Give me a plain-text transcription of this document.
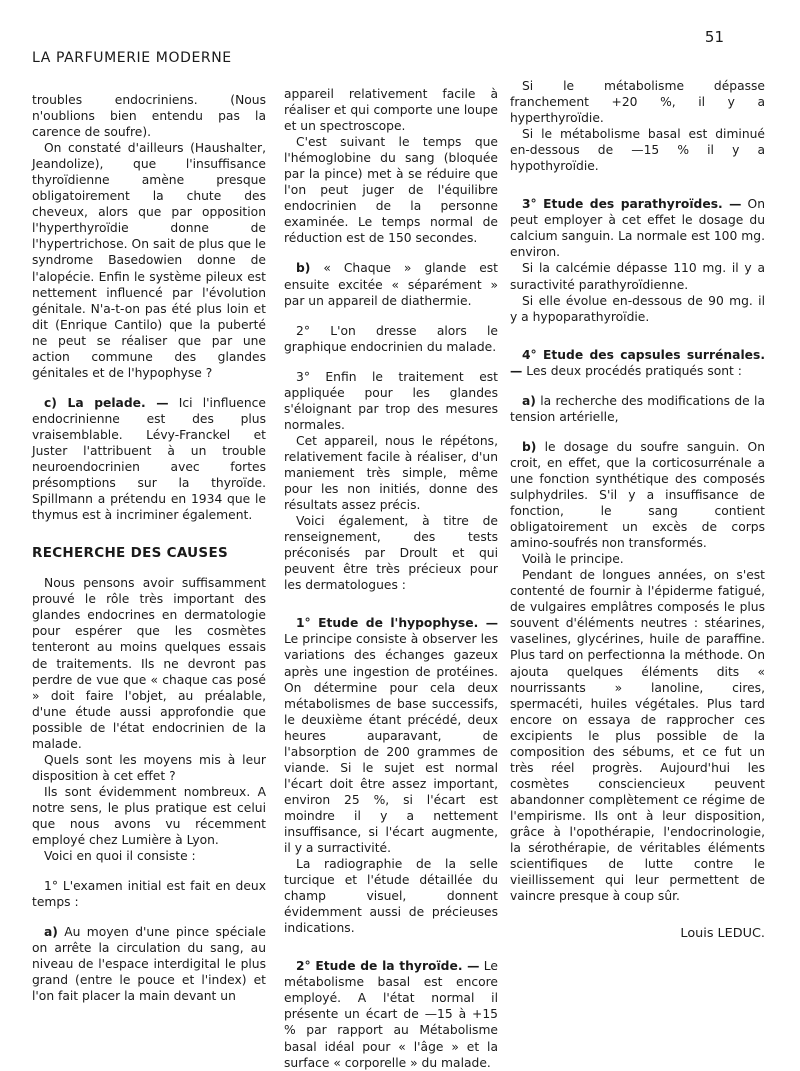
51
LA PARFUMERIE MODERNE

troubles endocriniens. (Nous n'oublions bien entendu pas la carence de soufre).

On constaté d'ailleurs (Haushalter, Jeandolize), que l'insuffisance thyroïdienne amène presque obligatoirement la chute des cheveux, alors que par opposition l'hyperthyroïdie donne de l'hypertrichose. On sait de plus que le syndrome Basedowien donne de l'alopécie. Enfin le système pileux est nettement influencé par l'évolution génitale. N'a-t-on pas été plus loin et dit (Enrique Cantilo) que la puberté ne peut se réaliser que par une action commune des glandes génitales et de l'hypophyse ?

c) La pelade. — Ici l'influence endocrinienne est des plus vraisemblable. Lévy-Franckel et Juster l'attribuent à un trouble neuroendocrinien avec fortes présomptions sur la thyroïde. Spillmann a prétendu en 1934 que le thymus est à incriminer également.

RECHERCHE DES CAUSES

Nous pensons avoir suffisamment prouvé le rôle très important des glandes endocrines en dermatologie pour espérer que les cosmètes tenteront au moins quelques essais de traitements. Ils ne devront pas perdre de vue que « chaque cas posé » doit faire l'objet, au préalable, d'une étude aussi approfondie que possible de l'état endocrinien de la malade.

Quels sont les moyens mis à leur disposition à cet effet ?

Ils sont évidemment nombreux. A notre sens, le plus pratique est celui que nous avons vu récemment employé chez Lumière à Lyon.

Voici en quoi il consiste :

1° L'examen initial est fait en deux temps :

a) Au moyen d'une pince spéciale on arrête la circulation du sang, au niveau de l'espace interdigital le plus grand (entre le pouce et l'index) et l'on fait placer la main devant un

appareil relativement facile à réaliser et qui comporte une loupe et un spectroscope.

C'est suivant le temps que l'hémoglobine du sang (bloquée par la pince) met à se réduire que l'on peut juger de l'équilibre endocrinien de la personne examinée. Le temps normal de réduction est de 150 secondes.

b) « Chaque » glande est ensuite excitée « séparément » par un appareil de diathermie.

2° L'on dresse alors le graphique endocrinien du malade.

3° Enfin le traitement est appliquée pour les glandes s'éloignant par trop des mesures normales.

Cet appareil, nous le répétons, relativement facile à réaliser, d'un maniement très simple, même pour les non initiés, donne des résultats assez précis.

Voici également, à titre de renseignement, des tests préconisés par Droult et qui peuvent être très précieux pour les dermatologues :

1° Etude de l'hypophyse. — Le principe consiste à observer les variations des échanges gazeux après une ingestion de protéines. On détermine pour cela deux métabolismes de base successifs, le deuxième étant précédé, deux heures auparavant, de l'absorption de 200 grammes de viande. Si le sujet est normal l'écart doit être assez important, environ 25 %, si l'écart est moindre il y a nettement insuffisance, si l'écart augmente, il y a surractivité.

La radiographie de la selle turcique et l'étude détaillée du champ visuel, donnent évidemment aussi de précieuses indications.

2° Etude de la thyroïde. — Le métabolisme basal est encore employé. A l'état normal il présente un écart de —15 à +15 % par rapport au Métabolisme basal idéal pour « l'âge » et la surface « corporelle » du malade.

Si le métabolisme dépasse franchement +20 %, il y a hyperthyroïdie.

Si le métabolisme basal est diminué en-dessous de —15 % il y a hypothyroïdie.

3° Etude des parathyroïdes. — On peut employer à cet effet le dosage du calcium sanguin. La normale est 100 mg. environ.

Si la calcémie dépasse 110 mg. il y a suractivité parathyroïdienne.

Si elle évolue en-dessous de 90 mg. il y a hypoparathyroïdie.

4° Etude des capsules surrénales. — Les deux procédés pratiqués sont :

a) la recherche des modifications de la tension artérielle,

b) le dosage du soufre sanguin. On croit, en effet, que la corticosurrénale a une fonction synthétique des composés sulphydriles. S'il y a insuffisance de fonction, le sang contient obligatoirement un excès de corps amino-soufrés non transformés.

Voilà le principe.

Pendant de longues années, on s'est contenté de fournir à l'épiderme fatigué, de vulgaires emplâtres composés le plus souvent d'éléments neutres : stéarines, vaselines, glycérines, huile de paraffine. Plus tard on perfectionna la méthode. On ajouta quelques éléments dits « nourrissants » lanoline, cires, spermacéti, huiles végétales. Plus tard encore on essaya de rapprocher ces excipients le plus possible de la composition des sébums, et ce fut un très réel progrès. Aujourd'hui les cosmètes consciencieux peuvent abandonner complètement ce régime de l'empirisme. Ils ont à leur disposition, grâce à l'opothérapie, l'endocrinologie, la sérothérapie, de véritables éléments scientifiques de lutte contre le vieillissement qui leur permettent de vaincre presque à coup sûr.

Louis LEDUC.
